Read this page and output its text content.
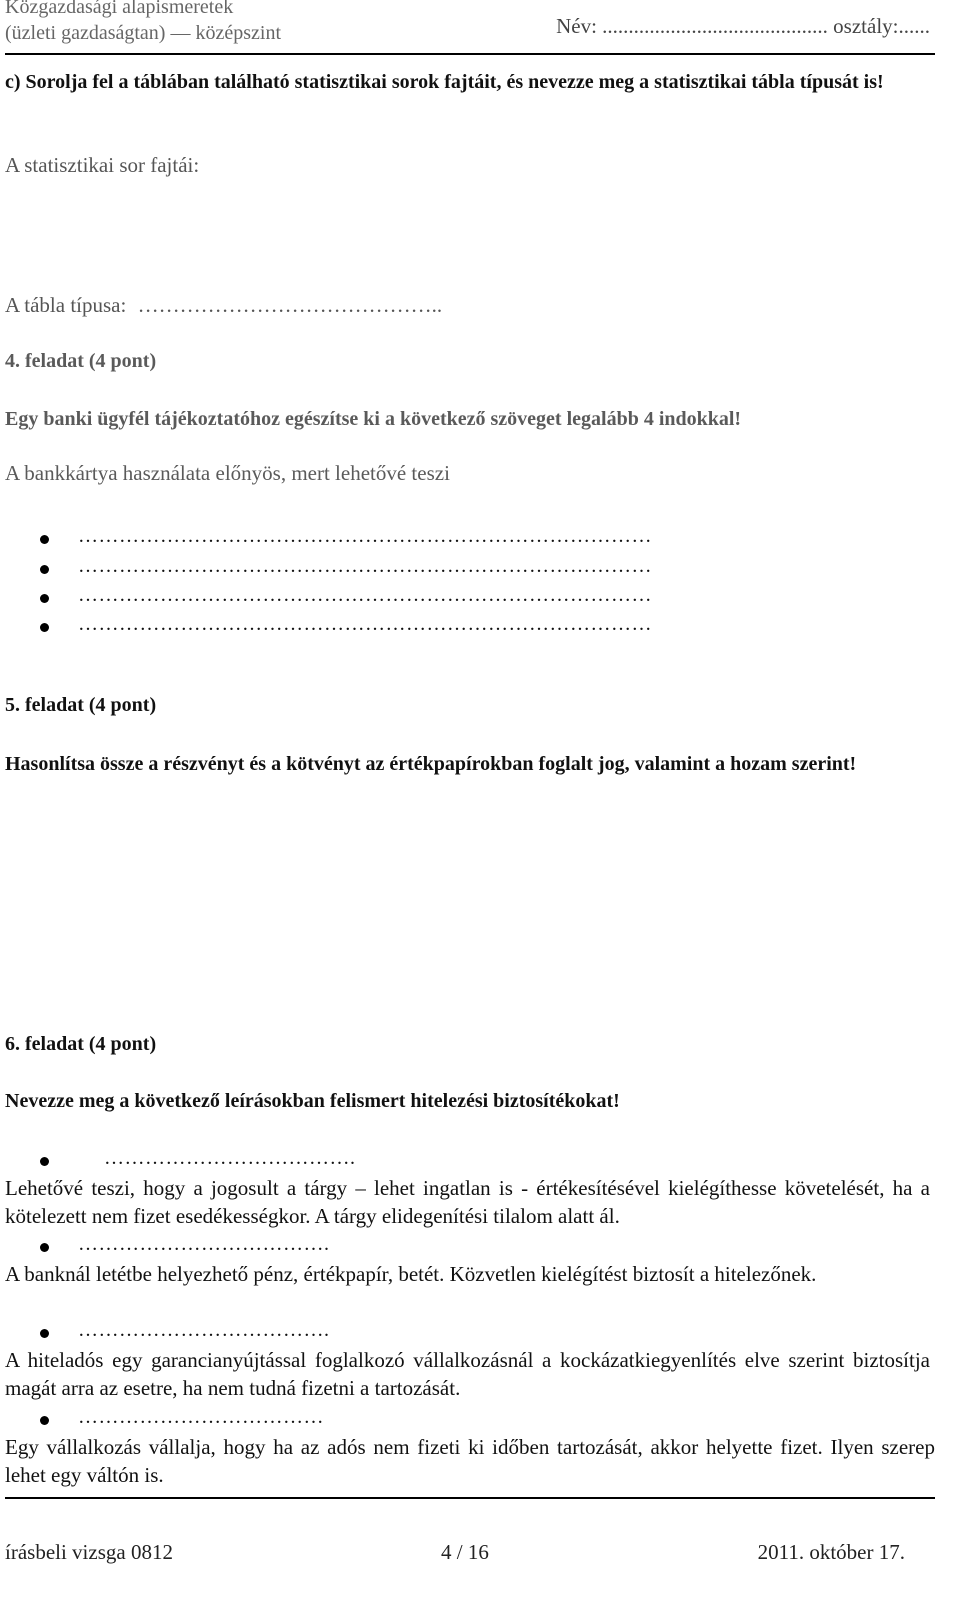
Közgazdasági alapismeretek
(üzleti gazdaságtan) — középszint	Név: ........................................... osztály:......
c) Sorolja fel a táblában található statisztikai sorok fajtáit, és nevezze meg a statisztikai tábla típusát is!
A statisztikai sor fajtái:
A tábla típusa: ……………………………………..
4. feladat (4 pont)
Egy banki ügyfél tájékoztatóhoz egészítse ki a következő szöveget legalább 4 indokkal!
A bankkártya használata előnyös, mert lehetővé teszi
…………………………………………………………………………
…………………………………………………………………………
…………………………………………………………………………
…………………………………………………………………………
5. feladat (4 pont)
Hasonlítsa össze a részvényt és a kötvényt az értékpapírokban foglalt jog, valamint a hozam szerint!
6. feladat (4 pont)
Nevezze meg a következő leírásokban felismert hitelezési biztosítékokat!
……………………………….
Lehetővé teszi, hogy a jogosult a tárgy – lehet ingatlan is - értékesítésével kielégíthesse követelését, ha a kötelezett nem fizet esedékességkor. A tárgy elidegenítési tilalom alatt ál.
……………………………….
A banknál letétbe helyezhető pénz, értékpapír, betét. Közvetlen kielégítést biztosít a hitelezőnek.
……………………………….
A hiteladós egy garancianyújtással foglalkozó vállalkozásnál a kockázatkiegyenlítés elve szerint biztosítja magát arra az esetre, ha nem tudná fizetni a tartozását.
………………………………
Egy vállalkozás vállalja, hogy ha az adós nem fizeti ki időben tartozását, akkor helyette fizet. Ilyen szerep lehet egy váltón is.
írásbeli vizsga 0812	4 / 16	2011. október 17.
